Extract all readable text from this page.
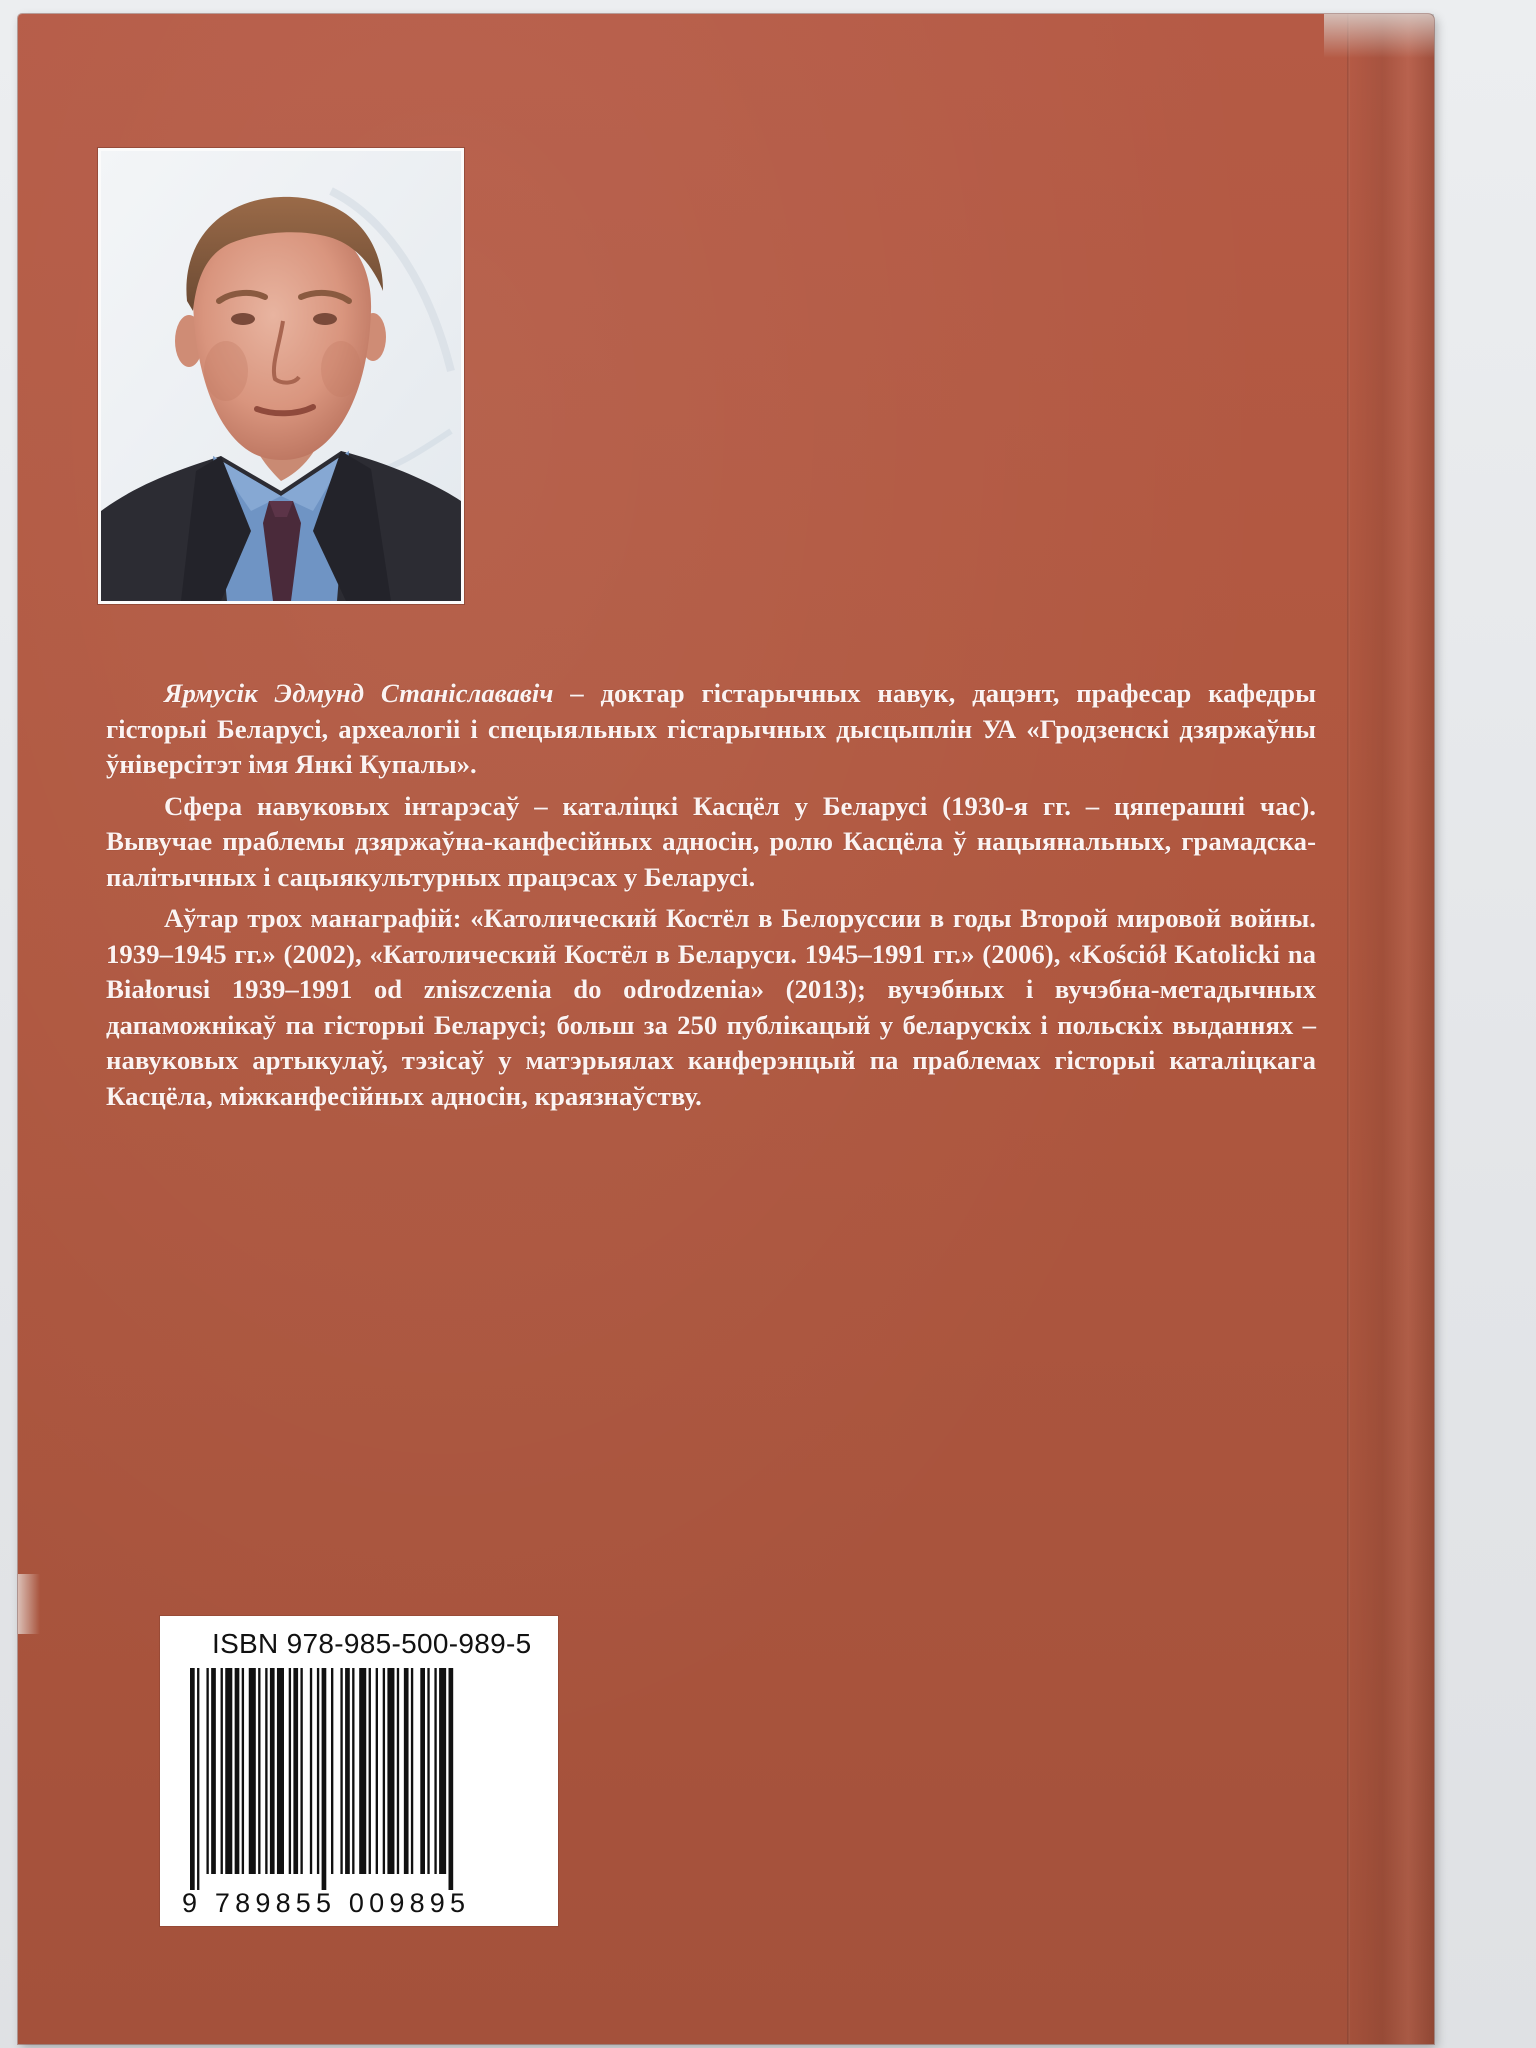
Ярмусік Эдмунд Станіслававіч – доктар гістарычных навук, дацэнт, прафесар кафедры гісторыі Беларусі, археалогіі і спецыяльных гістарычных дысцыплін УА «Гродзенскі дзяржаўны ўніверсітэт імя Янкі Купалы».

Сфера навуковых інтарэсаў – каталіцкі Касцёл у Беларусі (1930-я гг. – цяперашні час). Вывучае праблемы дзяржаўна-канфесійных адносін, ролю Касцёла ў нацыянальных, грамадска-палітычных і сацыякультурных працэсах у Беларусі.

Аўтар трох манаграфій: «Католический Костёл в Белоруссии в годы Второй мировой войны. 1939–1945 гг.» (2002), «Католический Костёл в Беларуси. 1945–1991 гг.» (2006), «Kościół Katolicki na Białorusi 1939–1991 od zniszczenia do odrodzenia» (2013); вучэбных і вучэбна-метадычных дапаможнікаў па гісторыі Беларусі; больш за 250 публікацый у беларускіх і польскіх выданнях – навуковых артыкулаў, тэзісаў у матэрыялах канферэнцый па праблемах гісторыі каталіцкага Касцёла, міжканфесійных адносін, краязнаўству.

ISBN 978-985-500-989-5
9 789855 009895
